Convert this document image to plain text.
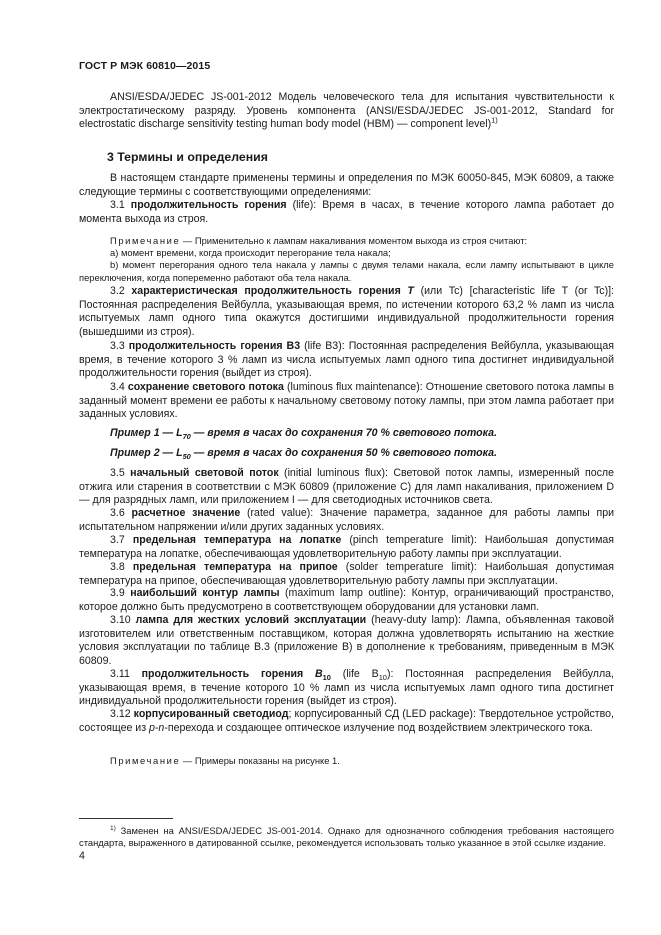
ГОСТ Р МЭК 60810—2015

ANSI/ESDA/JEDEC JS-001-2012 Модель человеческого тела для испытания чувствительности к электростатическому разряду. Уровень компонента (ANSI/ESDA/JEDEC JS-001-2012, Standard for electrostatic discharge sensitivity testing human body model (HBM) — component level)$^{1)}$

3 Термины и определения

В настоящем стандарте применены термины и определения по МЭК 60050-845, МЭК 60809, а также следующие термины с соответствующими определениями:

3.1 продолжительность горения (life): Время в часах, в течение которого лампа работает до момента выхода из строя.

Примечание — Применительно к лампам накаливания моментом выхода из строя считают:
а) момент времени, когда происходит перегорание тела накала;
b) момент перегорания одного тела накала у лампы с двумя телами накала, если лампу испытывают в цикле переключения, когда попеременно работают оба тела накала.

3.2 характеристическая продолжительность горения T (или Tc) [characteristic life T (or Tc)]: Постоянная распределения Вейбулла, указывающая время, по истечении которого 63,2 % ламп из числа испытуемых ламп одного типа окажутся достигшими индивидуальной продолжительности горения (вышедшими из строя).

3.3 продолжительность горения B3 (life B3): Постоянная распределения Вейбулла, указывающая время, в течение которого 3 % ламп из числа испытуемых ламп одного типа достигнет индивидуальной продолжительности горения (выйдет из строя).

3.4 сохранение светового потока (luminous flux maintenance): Отношение светового потока лампы в заданный момент времени ее работы к начальному световому потоку лампы, при этом лампа работает при заданных условиях.

Пример 1 — $L_{70}$ — время в часах до сохранения 70 % светового потока.

Пример 2 — $L_{50}$ — время в часах до сохранения 50 % светового потока.

3.5 начальный световой поток (initial luminous flux): Световой поток лампы, измеренный после отжига или старения в соответствии с МЭК 60809 (приложение С) для ламп накаливания, приложением D — для разрядных ламп, или приложением I — для светодиодных источников света.

3.6 расчетное значение (rated value): Значение параметра, заданное для работы лампы при испытательном напряжении и/или других заданных условиях.

3.7 предельная температура на лопатке (pinch temperature limit): Наибольшая допустимая температура на лопатке, обеспечивающая удовлетворительную работу лампы при эксплуатации.

3.8 предельная температура на припое (solder temperature limit): Наибольшая допустимая температура на припое, обеспечивающая удовлетворительную работу лампы при эксплуатации.

3.9 наибольший контур лампы (maximum lamp outline): Контур, ограничивающий пространство, которое должно быть предусмотрено в соответствующем оборудовании для установки ламп.

3.10 лампа для жестких условий эксплуатации (heavy-duty lamp): Лампа, объявленная таковой изготовителем или ответственным поставщиком, которая должна удовлетворять испытанию на жесткие условия эксплуатации по таблице В.3 (приложение В) в дополнение к требованиям, приведенным в МЭК 60809.

3.11 продолжительность горения $B_{10}$ (life $B_{10}$): Постоянная распределения Вейбулла, указывающая время, в течение которого 10 % ламп из числа испытуемых ламп одного типа достигнет индивидуальной продолжительности горения (выйдет из строя).

3.12 корпусированный светодиод; корпусированный СД (LED package): Твердотельное устройство, состоящее из p-n-перехода и создающее оптическое излучение под воздействием электрического тока.

Примечание — Примеры показаны на рисунке 1.
$^{1)}$ Заменен на ANSI/ESDA/JEDEC JS-001-2014. Однако для однозначного соблюдения требования настоящего стандарта, выраженного в датированной ссылке, рекомендуется использовать только указанное в этой ссылке издание.
4
